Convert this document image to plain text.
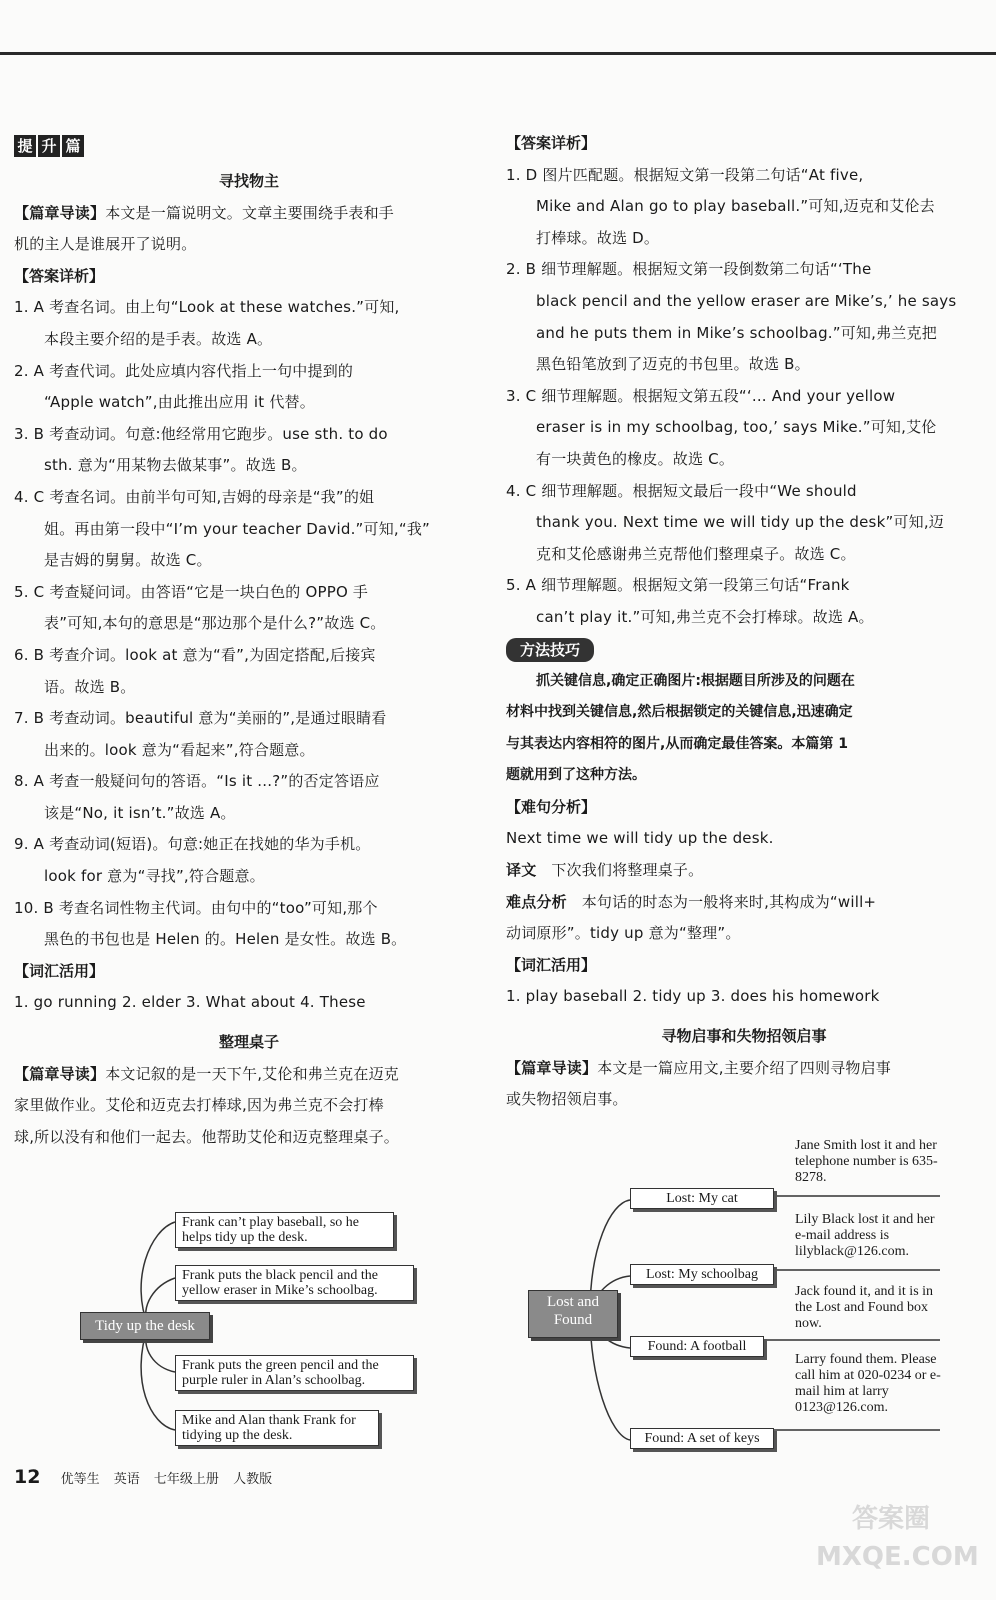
提 升 篇
寻找物主
【篇章导读】本文是一篇说明文。文章主要围绕手表和手
机的主人是谁展开了说明。
【答案详析】
1. A 考查名词。由上句“Look at these watches.”可知,
本段主要介绍的是手表。故选 A。
2. A 考查代词。此处应填内容代指上一句中提到的
“Apple watch”,由此推出应用 it 代替。
3. B 考查动词。句意:他经常用它跑步。use sth. to do
sth. 意为“用某物去做某事”。故选 B。
4. C 考查名词。由前半句可知,吉姆的母亲是“我”的姐
姐。再由第一段中“I’m your teacher David.”可知,“我”
是吉姆的舅舅。故选 C。
5. C 考查疑问词。由答语“它是一块白色的 OPPO 手
表”可知,本句的意思是“那边那个是什么?”故选 C。
6. B 考查介词。look at 意为“看”,为固定搭配,后接宾
语。故选 B。
7. B 考查动词。beautiful 意为“美丽的”,是通过眼睛看
出来的。look 意为“看起来”,符合题意。
8. A 考查一般疑问句的答语。“Is it ...?”的否定答语应
该是“No, it isn’t.”故选 A。
9. A 考查动词(短语)。句意:她正在找她的华为手机。
look for 意为“寻找”,符合题意。
10. B 考查名词性物主代词。由句中的“too”可知,那个
黑色的书包也是 Helen 的。Helen 是女性。故选 B。
【词汇活用】
1. go running 2. elder 3. What about 4. These
整理桌子
【篇章导读】本文记叙的是一天下午,艾伦和弗兰克在迈克
家里做作业。艾伦和迈克去打棒球,因为弗兰克不会打棒
球,所以没有和他们一起去。他帮助艾伦和迈克整理桌子。
Tidy up the desk
Frank can’t play baseball, so he helps tidy up the desk.
Frank puts the black pencil and the yellow eraser in Mike’s schoolbag.
Frank puts the green pencil and the purple ruler in Alan’s schoolbag.
Mike and Alan thank Frank for tidying up the desk.
【答案详析】
1. D 图片匹配题。根据短文第一段第二句话“At five,
Mike and Alan go to play baseball.”可知,迈克和艾伦去
打棒球。故选 D。
2. B 细节理解题。根据短文第一段倒数第二句话“‘The
black pencil and the yellow eraser are Mike’s,’ he says
and he puts them in Mike’s schoolbag.”可知,弗兰克把
黑色铅笔放到了迈克的书包里。故选 B。
3. C 细节理解题。根据短文第五段“‘... And your yellow
eraser is in my schoolbag, too,’ says Mike.”可知,艾伦
有一块黄色的橡皮。故选 C。
4. C 细节理解题。根据短文最后一段中“We should
thank you. Next time we will tidy up the desk”可知,迈
克和艾伦感谢弗兰克帮他们整理桌子。故选 C。
5. A 细节理解题。根据短文第一段第三句话“Frank
can’t play it.”可知,弗兰克不会打棒球。故选 A。
方法技巧
抓关键信息,确定正确图片:根据题目所涉及的问题在
材料中找到关键信息,然后根据锁定的关键信息,迅速确定
与其表达内容相符的图片,从而确定最佳答案。本篇第 1
题就用到了这种方法。
【难句分析】
Next time we will tidy up the desk.
译文 下次我们将整理桌子。
难点分析 本句话的时态为一般将来时,其构成为“will+
动词原形”。tidy up 意为“整理”。
【词汇活用】
1. play baseball 2. tidy up 3. does his homework
寻物启事和失物招领启事
【篇章导读】本文是一篇应用文,主要介绍了四则寻物启事
或失物招领启事。
Lost and Found
Lost: My cat
Lost: My schoolbag
Found: A football
Found: A set of keys
Jane Smith lost it and her telephone number is 635-8278.
Lily Black lost it and her e-mail address is lilyblack@126.com.
Jack found it, and it is in the Lost and Found box now.
Larry found them. Please call him at 020-0234 or e-mail him at larry 0123@126.com.
12 优等生 英语 七年级上册 人教版
答案圈
MXQE.COM
